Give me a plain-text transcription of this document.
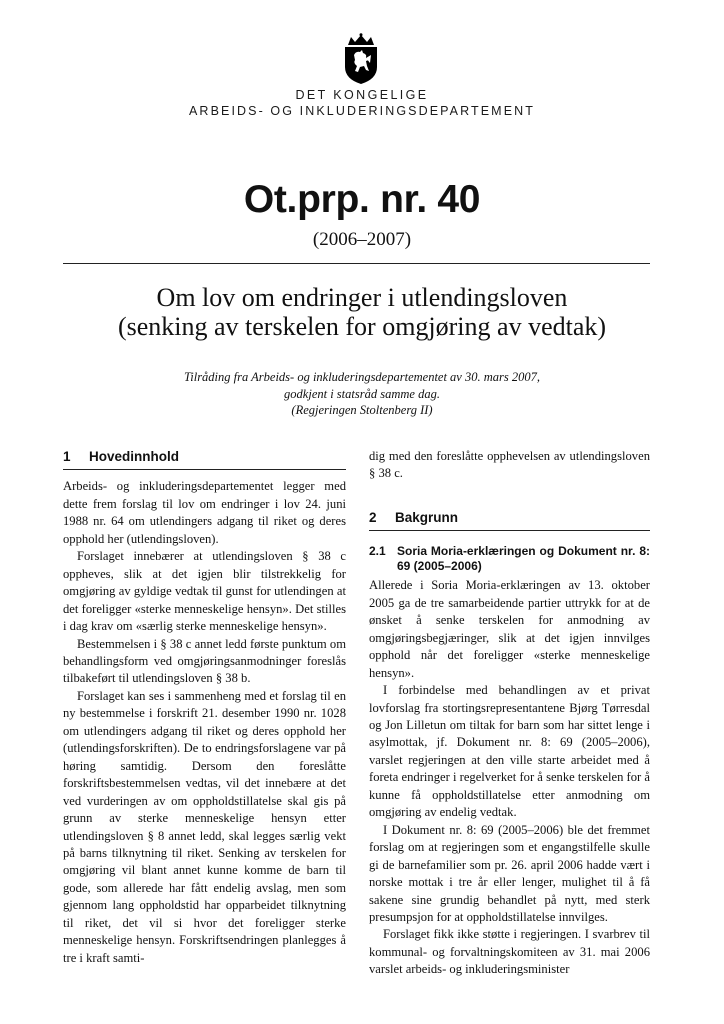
DET KONGELIGE
ARBEIDS- OG INKLUDERINGSDEPARTEMENT
Ot.prp. nr. 40
(2006–2007)
Om lov om endringer i utlendingsloven
(senking av terskelen for omgjøring av vedtak)
Tilråding fra Arbeids- og inkluderingsdepartementet av 30. mars 2007,
godkjent i statsråd samme dag.
(Regjeringen Stoltenberg II)
1 Hovedinnhold

Arbeids- og inkluderingsdepartementet legger med dette frem forslag til lov om endringer i lov 24. juni 1988 nr. 64 om utlendingers adgang til riket og deres opphold her (utlendingsloven).

Forslaget innebærer at utlendingsloven § 38 c oppheves, slik at det igjen blir tilstrekkelig for omgjøring av gyldige vedtak til gunst for utlendingen at det foreligger «sterke menneskelige hensyn». Det stilles i dag krav om «særlig sterke menneskelige hensyn».

Bestemmelsen i § 38 c annet ledd første punktum om behandlingsform ved omgjøringsanmodninger foreslås tilbakeført til utlendingsloven § 38 b.

Forslaget kan ses i sammenheng med et forslag til en ny bestemmelse i forskrift 21. desember 1990 nr. 1028 om utlendingers adgang til riket og deres opphold her (utlendingsforskriften). De to endringsforslagene var på høring samtidig. Dersom den foreslåtte forskriftsbestemmelsen vedtas, vil det innebære at det ved vurderingen av om oppholdstillatelse skal gis på grunn av sterke menneskelige hensyn etter utlendingsloven § 8 annet ledd, skal legges særlig vekt på barns tilknytning til riket. Senking av terskelen for omgjøring vil blant annet kunne komme de barn til gode, som allerede har fått endelig avslag, men som gjennom lang oppholdstid har opparbeidet tilknytning til riket, det vil si hvor det foreligger sterke menneskelige hensyn. Forskriftsendringen planlegges å tre i kraft samti-

dig med den foreslåtte opphevelsen av utlendingsloven § 38 c.

2 Bakgrunn
2.1 Soria Moria-erklæringen og Dokument nr. 8: 69 (2005–2006)

Allerede i Soria Moria-erklæringen av 13. oktober 2005 ga de tre samarbeidende partier uttrykk for at de ønsket å senke terskelen for anmodning av omgjøringsbegjæringer, slik at det igjen innvilges opphold når det foreligger «sterke menneskelige hensyn».

I forbindelse med behandlingen av et privat lovforslag fra stortingsrepresentantene Bjørg Tørresdal og Jon Lilletun om tiltak for barn som har sittet lenge i asylmottak, jf. Dokument nr. 8: 69 (2005–2006), varslet regjeringen at den ville starte arbeidet med å foreta endringer i regelverket for å senke terskelen for å kunne få oppholdstillatelse etter anmodning om omgjøring av endelig vedtak.

I Dokument nr. 8: 69 (2005–2006) ble det fremmet forslag om at regjeringen som et engangstilfelle skulle gi de barnefamilier som pr. 26. april 2006 hadde vært i norske mottak i tre år eller lenger, mulighet til å få sakene sine grundig behandlet på nytt, med sterk presumpsjon for at oppholdstillatelse innvilges.

Forslaget fikk ikke støtte i regjeringen. I svarbrev til kommunal- og forvaltningskomiteen av 31. mai 2006 varslet arbeids- og inkluderingsminister
